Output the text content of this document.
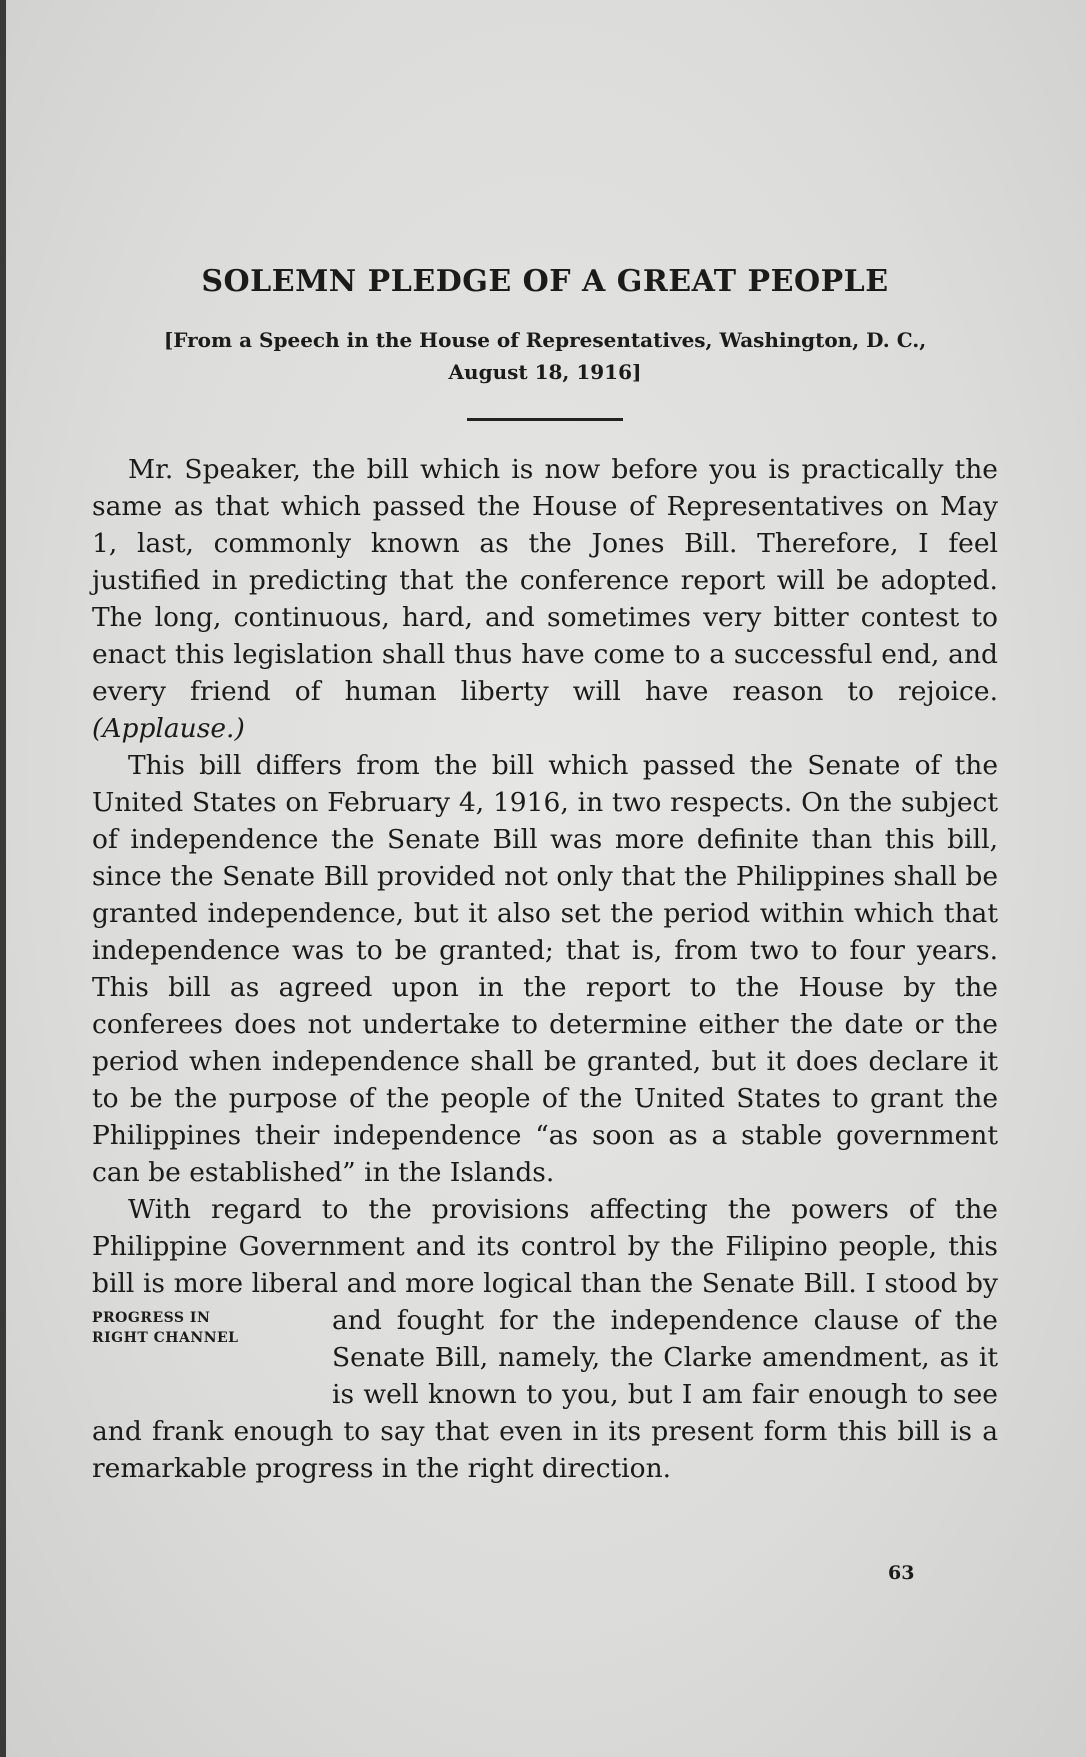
SOLEMN PLEDGE OF A GREAT PEOPLE
[From a Speech in the House of Representatives, Washington, D. C.,
August 18, 1916]

Mr. Speaker, the bill which is now before you is practically the same as that which passed the House of Representatives on May 1, last, commonly known as the Jones Bill. Therefore, I feel justified in predicting that the conference report will be adopted. The long, continuous, hard, and sometimes very bitter contest to enact this legislation shall thus have come to a successful end, and every friend of human liberty will have reason to rejoice. (Applause.)

This bill differs from the bill which passed the Senate of the United States on February 4, 1916, in two respects. On the subject of independence the Senate Bill was more definite than this bill, since the Senate Bill provided not only that the Philippines shall be granted independence, but it also set the period within which that independence was to be granted; that is, from two to four years. This bill as agreed upon in the report to the House by the conferees does not undertake to determine either the date or the period when independence shall be granted, but it does declare it to be the purpose of the people of the United States to grant the Philippines their independence “as soon as a stable government can be established” in the Islands.

With regard to the provisions affecting the powers of the Philippine Government and its control by the Filipino people, this bill is more liberal and more logical than the Senate Bill.
PROGRESS IN
RIGHT CHANNEL
I stood by and fought for the independence clause of the Senate Bill, namely, the Clarke amendment, as it is well known to you, but I am fair enough to see and frank enough to say that even in its present form this bill is a remarkable progress in the right direction.

63
